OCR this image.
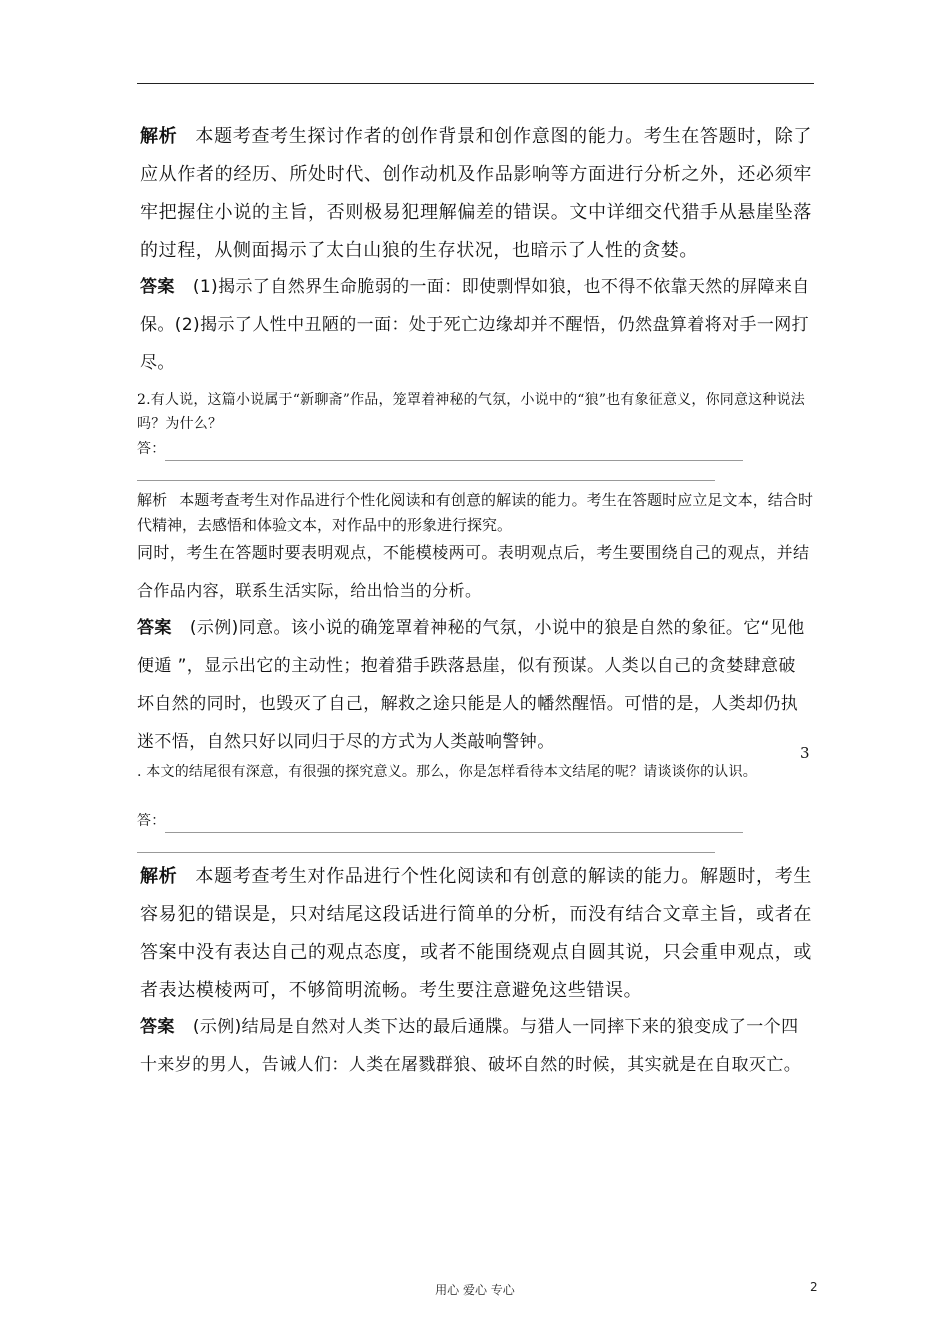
解析 本题考查考生探讨作者的创作背景和创作意图的能力。考生在答题时，除了应从作者的经历、所处时代、创作动机及作品影响等方面进行分析之外，还必须牢牢把握住小说的主旨，否则极易犯理解偏差的错误。文中详细交代猎手从悬崖坠落的过程，从侧面揭示了太白山狼的生存状况，也暗示了人性的贪婪。
答案 (1)揭示了自然界生命脆弱的一面：即使剽悍如狼，也不得不依靠天然的屏障来自保。(2)揭示了人性中丑陋的一面：处于死亡边缘却并不醒悟，仍然盘算着将对手一网打尽。
2.有人说，这篇小说属于“新聊斋”作品，笼罩着神秘的气氛，小说中的“狼”也有象征意义，你同意这种说法吗？为什么？
答：
解析 本题考查考生对作品进行个性化阅读和有创意的解读的能力。考生在答题时应立足文本，结合时代精神，去感悟和体验文本，对作品中的形象进行探究。
同时，考生在答题时要表明观点，不能模棱两可。表明观点后，考生要围绕自己的观点，并结合作品内容，联系生活实际，给出恰当的分析。
答案 (示例)同意。该小说的确笼罩着神秘的气氛，小说中的狼是自然的象征。它“见他便遁 ”，显示出它的主动性；抱着猎手跌落悬崖，似有预谋。人类以自己的贪婪肆意破坏自然的同时，也毁灭了自己，解救之途只能是人的幡然醒悟。可惜的是，人类却仍执迷不悟，自然只好以同归于尽的方式为人类敲响警钟。
3
. 本文的结尾很有深意，有很强的探究意义。那么，你是怎样看待本文结尾的呢？请谈谈你的认识。
答：
解析 本题考查考生对作品进行个性化阅读和有创意的解读的能力。解题时，考生容易犯的错误是，只对结尾这段话进行简单的分析，而没有结合文章主旨，或者在答案中没有表达自己的观点态度，或者不能围绕观点自圆其说，只会重申观点，或者表达模棱两可，不够简明流畅。考生要注意避免这些错误。
答案 (示例)结局是自然对人类下达的最后通牒。与猎人一同摔下来的狼变成了一个四十来岁的男人，告诫人们：人类在屠戮群狼、破坏自然的时候，其实就是在自取灭亡。
用心 爱心 专心	2
